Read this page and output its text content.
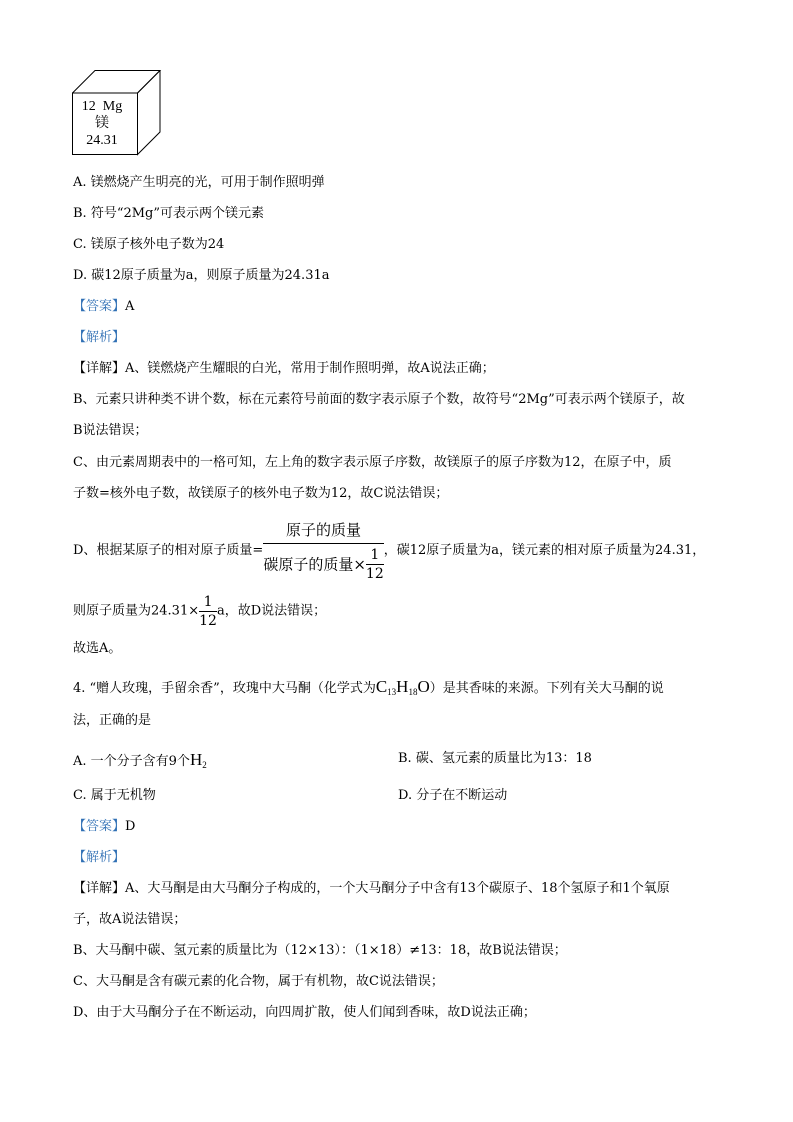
12 Mg
镁
24.31
A. 镁燃烧产生明亮的光，可用于制作照明弹
B. 符号“2Mg”可表示两个镁元素
C. 镁原子核外电子数为24
D. 碳12原子质量为a，则原子质量为24.31a
【答案】A
【解析】
【详解】A、镁燃烧产生耀眼的白光，常用于制作照明弹，故A说法正确；
B、元素只讲种类不讲个数，标在元素符号前面的数字表示原子个数，故符号“2Mg”可表示两个镁原子，故
B说法错误；
C、由元素周期表中的一格可知，左上角的数字表示原子序数，故镁原子的原子序数为12，在原子中，质
子数=核外电子数，故镁原子的核外电子数为12，故C说法错误；
D、根据某原子的相对原子质量= $\frac{\text{原子的质量}}{碳原子的质量\times \frac{1}{12}}$ ，碳12原子质量为a，镁元素的相对原子质量为24.31，
则原子质量为$24.31\times \frac{1}{12}$ a，故D说法错误；
故选A。
4. “赠人玫瑰，手留余香”，玫瑰中大马酮（化学式为$C_{13}H_{18}O$）是其香味的来源。下列有关大马酮的说
法，正确的是
A. 一个分子含有9个$H_2$	B. 碳、氢元素的质量比为13：18
C. 属于无机物	D. 分子在不断运动
【答案】D
【解析】
【详解】A、大马酮是由大马酮分子构成的，一个大马酮分子中含有13个碳原子、18个氢原子和1个氧原
子，故A说法错误；
B、大马酮中碳、氢元素的质量比为（12×13）：（1×18）≠13：18，故B说法错误；
C、大马酮是含有碳元素的化合物，属于有机物，故C说法错误；
D、由于大马酮分子在不断运动，向四周扩散，使人们闻到香味，故D说法正确；
